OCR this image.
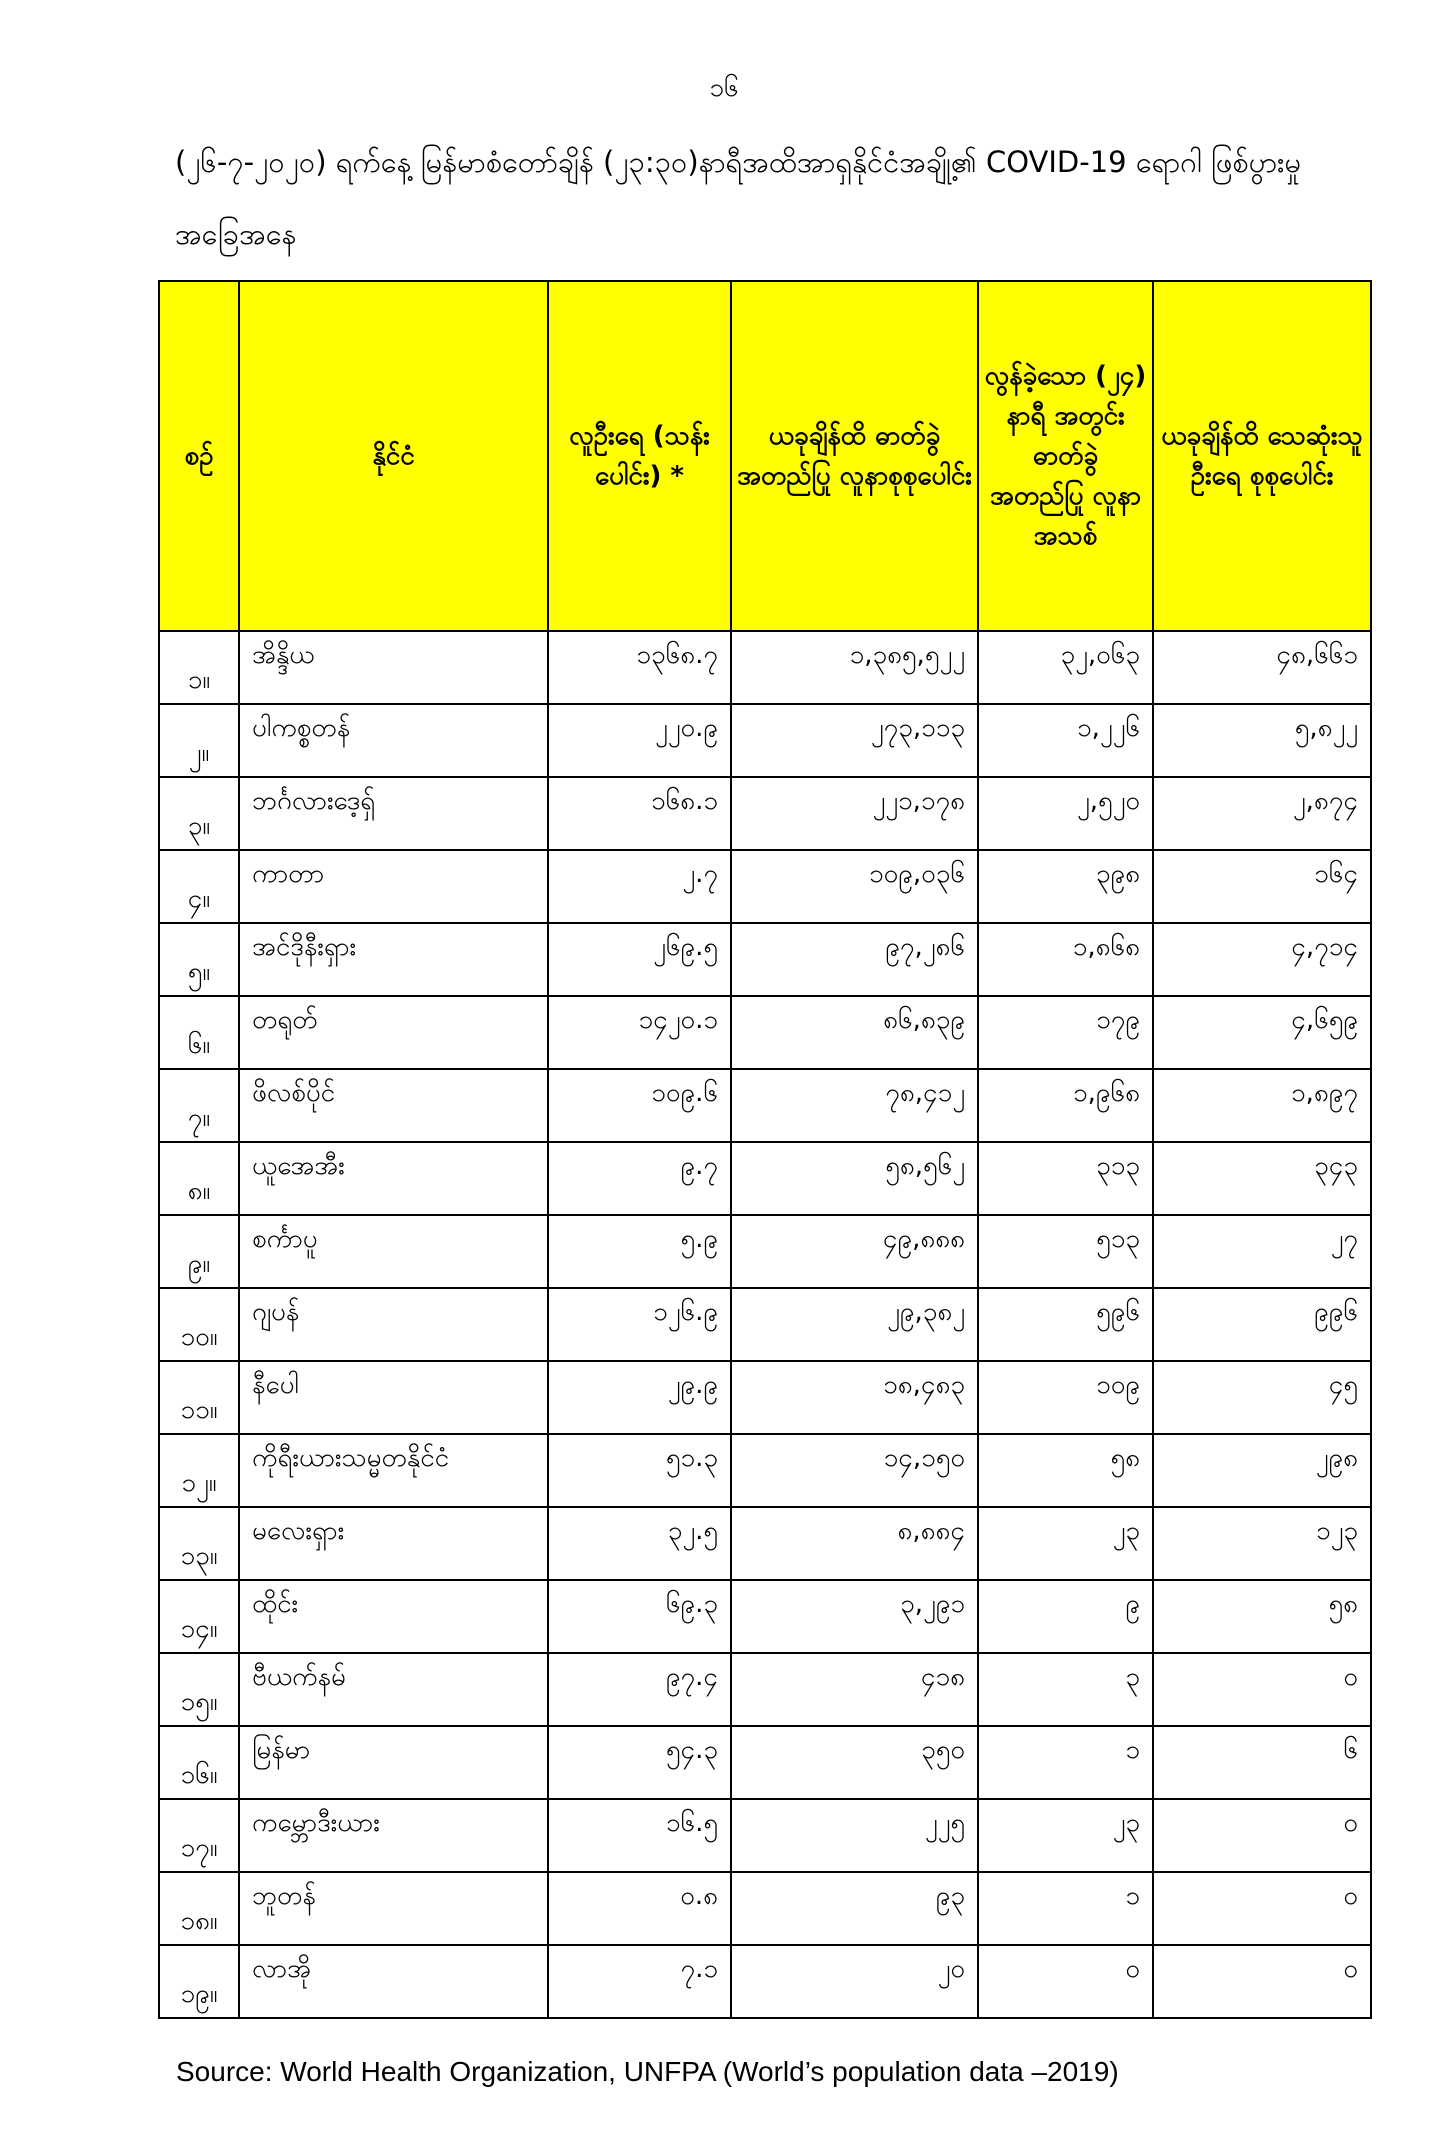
၁၆
(၂၆-၇-၂၀၂၀) ရက်နေ့ မြန်မာစံတော်ချိန် (၂၃:၃၀)နာရီအထိအာရှနိုင်ငံအချို့၏ COVID-19 ရောဂါ ဖြစ်ပွားမှုအခြေအနေ
စဉ်	နိုင်ငံ	လူဦးရေ (သန်းပေါင်း) *	ယခုချိန်ထိ ဓာတ်ခွဲအတည်ပြု လူနာစုစုပေါင်း	လွန်ခဲ့သော (၂၄) နာရီ အတွင်း ဓာတ်ခွဲ အတည်ပြု လူနာအသစ်	ယခုချိန်ထိ သေဆုံးသူဦးရေ စုစုပေါင်း
၁။	အိန္ဒိယ	၁၃၆၈.၇	၁,၃၈၅,၅၂၂	၃၂,၀၆၃	၄၈,၆၆၁
၂။	ပါကစ္စတန်	၂၂၀.၉	၂၇၃,၁၁၃	၁,၂၂၆	၅,၈၂၂
၃။	ဘင်္ဂလားဒေ့ရှ်	၁၆၈.၁	၂၂၁,၁၇၈	၂,၅၂၀	၂,၈၇၄
၄။	ကာတာ	၂.၇	၁၀၉,၀၃၆	၃၉၈	၁၆၄
၅။	အင်ဒိုနီးရှား	၂၆၉.၅	၉၇,၂၈၆	၁,၈၆၈	၄,၇၁၄
၆။	တရုတ်	၁၄၂၀.၁	၈၆,၈၃၉	၁၇၉	၄,၆၅၉
၇။	ဖိလစ်ပိုင်	၁၀၉.၆	၇၈,၄၁၂	၁,၉၆၈	၁,၈၉၇
၈။	ယူအေအီး	၉.၇	၅၈,၅၆၂	၃၁၃	၃၄၃
၉။	စင်္ကာပူ	၅.၉	၄၉,၈၈၈	၅၁၃	၂၇
၁၀။	ဂျပန်	၁၂၆.၉	၂၉,၃၈၂	၅၉၆	၉၉၆
၁၁။	နီပေါ	၂၉.၉	၁၈,၄၈၃	၁၀၉	၄၅
၁၂။	ကိုရီးယားသမ္မတနိုင်ငံ	၅၁.၃	၁၄,၁၅၀	၅၈	၂၉၈
၁၃။	မလေးရှား	၃၂.၅	၈,၈၈၄	၂၃	၁၂၃
၁၄။	ထိုင်း	၆၉.၃	၃,၂၉၁	၉	၅၈
၁၅။	ဗီယက်နမ်	၉၇.၄	၄၁၈	၃	၀
၁၆။	မြန်မာ	၅၄.၃	၃၅၀	၁	၆
၁၇။	ကမ္ဘောဒီးယား	၁၆.၅	၂၂၅	၂၃	၀
၁၈။	ဘူတန်	၀.၈	၉၃	၁	၀
၁၉။	လာအို	၇.၁	၂၀	၀	၀
Source: World Health Organization, UNFPA (World’s population data –2019)
